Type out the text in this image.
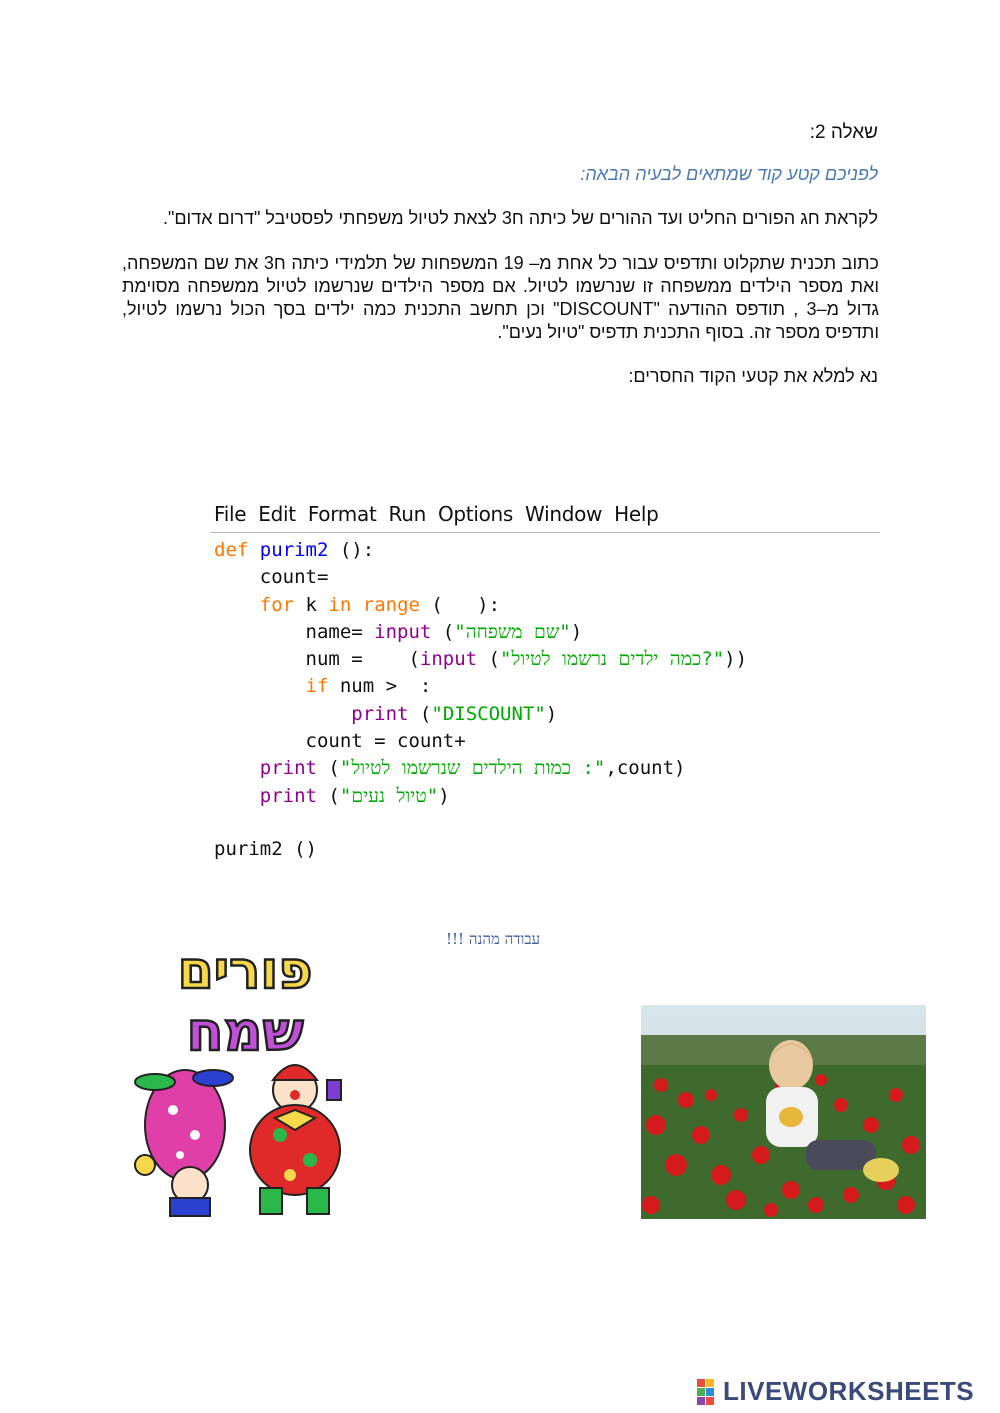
שאלה 2:
לפניכם קטע קוד שמתאים לבעיה הבאה:
לקראת חג הפורים החליט ועד ההורים של כיתה ח3 לצאת לטיול משפחתי לפסטיבל "דרום אדום".
כתוב תכנית שתקלוט ותדפיס עבור כל אחת מ– 19 המשפחות של תלמידי כיתה ח3 את שם המשפחה, ואת מספר הילדים ממשפחה זו שנרשמו לטיול. אם מספר הילדים שנרשמו לטיול ממשפחה מסוימת גדול מ–3 , תודפס ההודעה "DISCOUNT" וכן תחשב התכנית כמה ילדים בסך הכול נרשמו לטיול, ותדפיס מספר זה. בסוף התכנית תדפיס "טיול נעים".
נא למלא את קטעי הקוד החסרים:
File Edit Format Run Options Window Help
def purim2 ():
count=
for k in range (   ):
name= input ("שם משפחה")
num =    (input ("כמה ילדים נרשמו לטיול?"))
if num >  :
print ("DISCOUNT")
count = count+
print ("כמות הילדים שנרשמו לטיול :",count)
print ("טיול נעים")
purim2 ()
עבודה מהנה !!!
פורים
שמח
LIVEWORKSHEETS
